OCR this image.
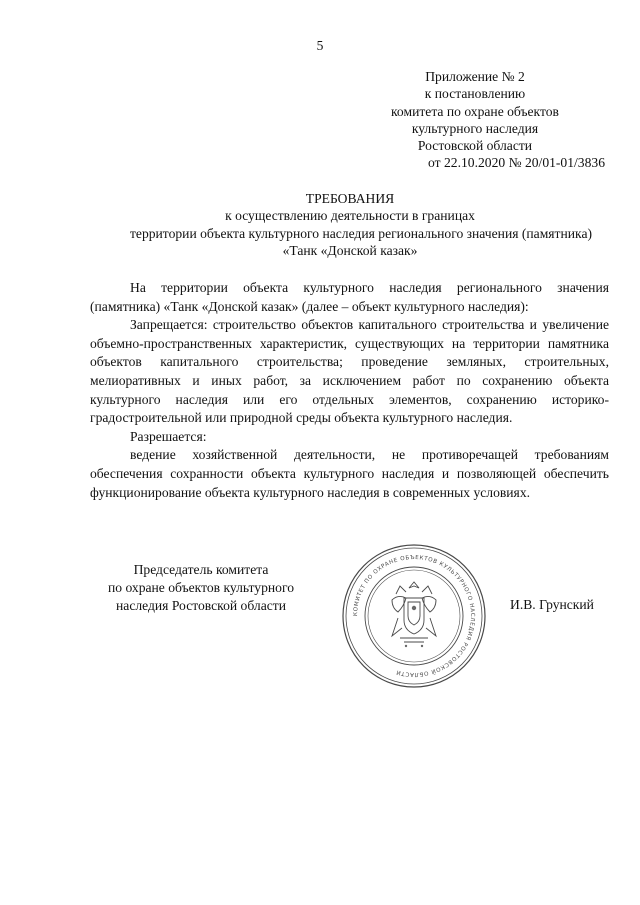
5
Приложение № 2
к постановлению
комитета по охране объектов
культурного наследия
Ростовской области
от 22.10.2020 № 20/01-01/3836
ТРЕБОВАНИЯ
к осуществлению деятельности в границах
территории объекта культурного наследия регионального значения (памятника)
«Танк «Донской казак»

На территории объекта культурного наследия регионального значения (памятника) «Танк «Донской казак» (далее – объект культурного наследия):

Запрещается: строительство объектов капитального строительства и увеличение объемно-пространственных характеристик, существующих на территории памятника объектов капитального строительства; проведение земляных, строительных, мелиоративных и иных работ, за исключением работ по сохранению объекта культурного наследия или его отдельных элементов, сохранению историко-градостроительной или природной среды объекта культурного наследия.

Разрешается:

ведение хозяйственной деятельности, не противоречащей требованиям обеспечения сохранности объекта культурного наследия и позволяющей обеспечить функционирование объекта культурного наследия в современных условиях.

Председатель комитета
по охране объектов культурного
наследия Ростовской области	И.В. Грунский
КОМИТЕТ ПО ОХРАНЕ ОБЪЕКТОВ КУЛЬТУРНОГО НАСЛЕДИЯ РОСТОВСКОЙ ОБЛАСТИ
